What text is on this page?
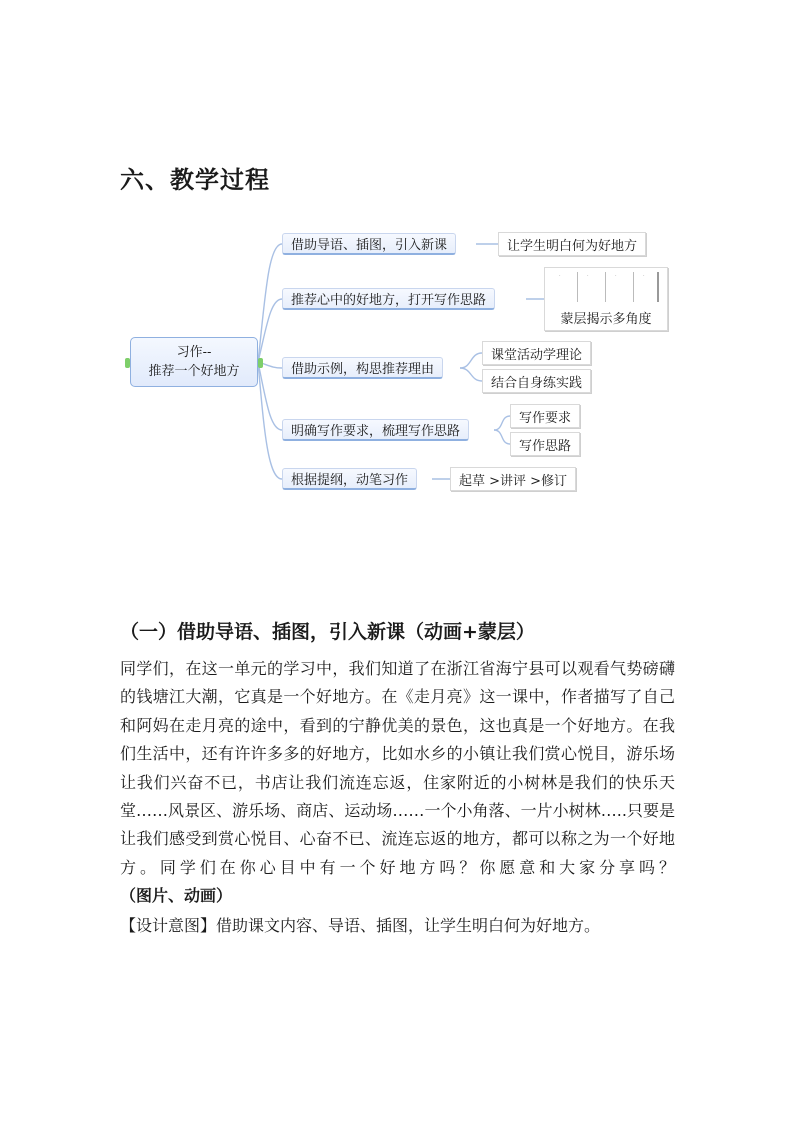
六、教学过程
习作--
推荐一个好地方
借助导语、插图，引入新课
推荐心中的好地方，打开写作思路
借助示例，构思推荐理由
明确写作要求，梳理写作思路
根据提纲，动笔习作
让学生明白何为好地方
·	·	·	·
蒙层揭示多角度
课堂活动学理论
结合自身练实践
写作要求
写作思路
起草 >讲评 >修订
（一）借助导语、插图，引入新课（动画+蒙层）
同学们，在这一单元的学习中，我们知道了在浙江省海宁县可以观看气势磅礴的钱塘江大潮，它真是一个好地方。在《走月亮》这一课中，作者描写了自己和阿妈在走月亮的途中，看到的宁静优美的景色，这也真是一个好地方。在我们生活中，还有许许多多的好地方，比如水乡的小镇让我们赏心悦目，游乐场让我们兴奋不已，书店让我们流连忘返，住家附近的小树林是我们的快乐天堂……风景区、游乐场、商店、运动场……一个小角落、一片小树林…..只要是让我们感受到赏心悦目、心奋不已、流连忘返的地方，都可以称之为一个好地方。同学们在你心目中有一个好地方吗？你愿意和大家分享吗？（图片、动画）
【设计意图】借助课文内容、导语、插图，让学生明白何为好地方。
